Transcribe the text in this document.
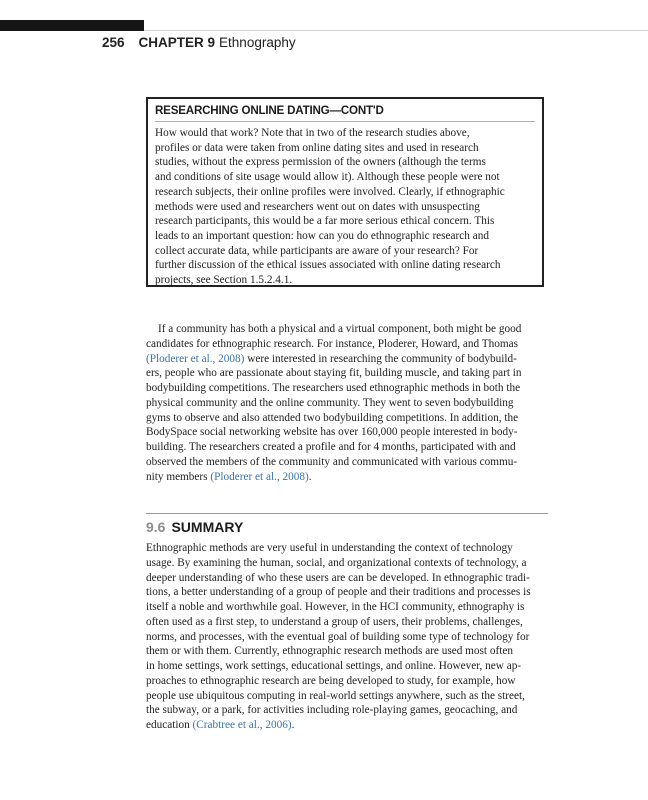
256 CHAPTER 9 Ethnography
RESEARCHING ONLINE DATING—CONT'D
How would that work? Note that in two of the research studies above,
profiles or data were taken from online dating sites and used in research
studies, without the express permission of the owners (although the terms
and conditions of site usage would allow it). Although these people were not
research subjects, their online profiles were involved. Clearly, if ethnographic
methods were used and researchers went out on dates with unsuspecting
research participants, this would be a far more serious ethical concern. This
leads to an important question: how can you do ethnographic research and
collect accurate data, while participants are aware of your research? For
further discussion of the ethical issues associated with online dating research
projects, see Section 1.5.2.4.1.
If a community has both a physical and a virtual component, both might be good
candidates for ethnographic research. For instance, Ploderer, Howard, and Thomas
(Ploderer et al., 2008) were interested in researching the community of bodybuild-
ers, people who are passionate about staying fit, building muscle, and taking part in
bodybuilding competitions. The researchers used ethnographic methods in both the
physical community and the online community. They went to seven bodybuilding
gyms to observe and also attended two bodybuilding competitions. In addition, the
BodySpace social networking website has over 160,000 people interested in body-
building. The researchers created a profile and for 4 months, participated with and
observed the members of the community and communicated with various commu-
nity members (Ploderer et al., 2008).
9.6 SUMMARY
Ethnographic methods are very useful in understanding the context of technology
usage. By examining the human, social, and organizational contexts of technology, a
deeper understanding of who these users are can be developed. In ethnographic tradi-
tions, a better understanding of a group of people and their traditions and processes is
itself a noble and worthwhile goal. However, in the HCI community, ethnography is
often used as a first step, to understand a group of users, their problems, challenges,
norms, and processes, with the eventual goal of building some type of technology for
them or with them. Currently, ethnographic research methods are used most often
in home settings, work settings, educational settings, and online. However, new ap-
proaches to ethnographic research are being developed to study, for example, how
people use ubiquitous computing in real-world settings anywhere, such as the street,
the subway, or a park, for activities including role-playing games, geocaching, and
education (Crabtree et al., 2006).
